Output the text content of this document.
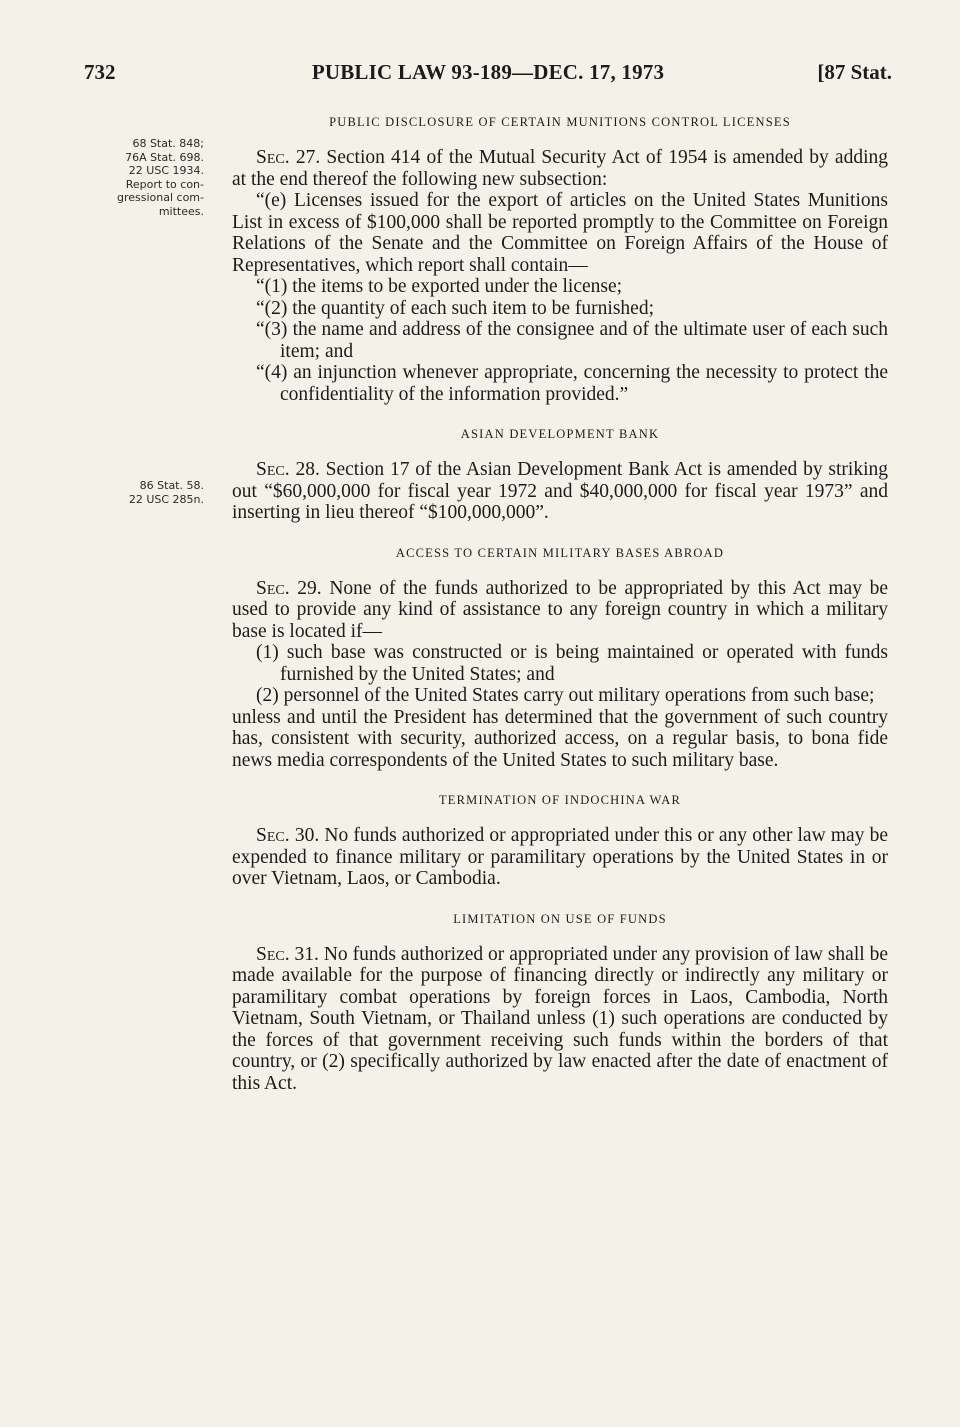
732	PUBLIC LAW 93-189—DEC. 17, 1973	[87 Stat.
68 Stat. 848;
76A Stat. 698.
22 USC 1934.
Report to con-
gressional com-
mittees.
86 Stat. 58.
22 USC 285n.
PUBLIC DISCLOSURE OF CERTAIN MUNITIONS CONTROL LICENSES

Sec. 27. Section 414 of the Mutual Security Act of 1954 is amended by adding at the end thereof the following new subsection:

“(e) Licenses issued for the export of articles on the United States Munitions List in excess of $100,000 shall be reported promptly to the Committee on Foreign Relations of the Senate and the Committee on Foreign Affairs of the House of Representatives, which report shall contain—

“(1) the items to be exported under the license;

“(2) the quantity of each such item to be furnished;

“(3) the name and address of the consignee and of the ultimate user of each such item; and

“(4) an injunction whenever appropriate, concerning the necessity to protect the confidentiality of the information provided.”

ASIAN DEVELOPMENT BANK

Sec. 28. Section 17 of the Asian Development Bank Act is amended by striking out “$60,000,000 for fiscal year 1972 and $40,000,000 for fiscal year 1973” and inserting in lieu thereof “$100,000,000”.

ACCESS TO CERTAIN MILITARY BASES ABROAD

Sec. 29. None of the funds authorized to be appropriated by this Act may be used to provide any kind of assistance to any foreign country in which a military base is located if—

(1) such base was constructed or is being maintained or operated with funds furnished by the United States; and

(2) personnel of the United States carry out military operations from such base;

unless and until the President has determined that the government of such country has, consistent with security, authorized access, on a regular basis, to bona fide news media correspondents of the United States to such military base.

TERMINATION OF INDOCHINA WAR

Sec. 30. No funds authorized or appropriated under this or any other law may be expended to finance military or paramilitary operations by the United States in or over Vietnam, Laos, or Cambodia.

LIMITATION ON USE OF FUNDS

Sec. 31. No funds authorized or appropriated under any provision of law shall be made available for the purpose of financing directly or indirectly any military or paramilitary combat operations by foreign forces in Laos, Cambodia, North Vietnam, South Vietnam, or Thailand unless (1) such operations are conducted by the forces of that government receiving such funds within the borders of that country, or (2) specifically authorized by law enacted after the date of enactment of this Act.
